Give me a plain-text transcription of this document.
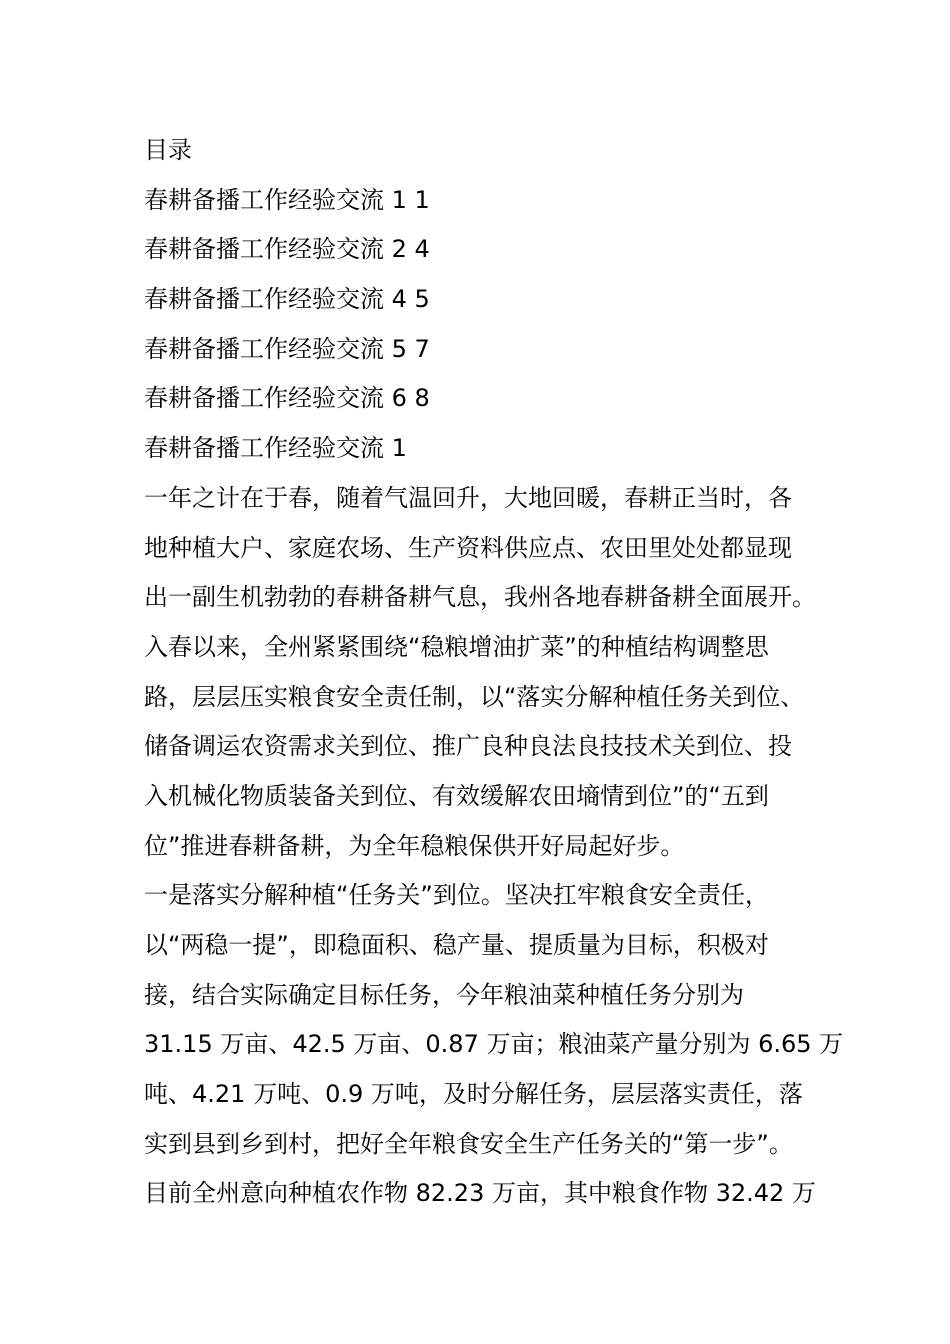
目录
春耕备播工作经验交流 1 1
春耕备播工作经验交流 2 4
春耕备播工作经验交流 4 5
春耕备播工作经验交流 5 7
春耕备播工作经验交流 6 8
春耕备播工作经验交流 1
一年之计在于春，随着气温回升，大地回暖，春耕正当时，各
地种植大户、家庭农场、生产资料供应点、农田里处处都显现
出一副生机勃勃的春耕备耕气息，我州各地春耕备耕全面展开。
入春以来，全州紧紧围绕“稳粮增油扩菜”的种植结构调整思
路，层层压实粮食安全责任制，以“落实分解种植任务关到位、
储备调运农资需求关到位、推广良种良法良技技术关到位、投
入机械化物质装备关到位、有效缓解农田墒情到位”的“五到
位”推进春耕备耕，为全年稳粮保供开好局起好步。
一是落实分解种植“任务关”到位。坚决扛牢粮食安全责任，
以“两稳一提”，即稳面积、稳产量、提质量为目标，积极对
接，结合实际确定目标任务，今年粮油菜种植任务分别为
31.15 万亩、42.5 万亩、0.87 万亩；粮油菜产量分别为 6.65 万
吨、4.21 万吨、0.9 万吨，及时分解任务，层层落实责任，落
实到县到乡到村，把好全年粮食安全生产任务关的“第一步”。
目前全州意向种植农作物 82.23 万亩，其中粮食作物 32.42 万
